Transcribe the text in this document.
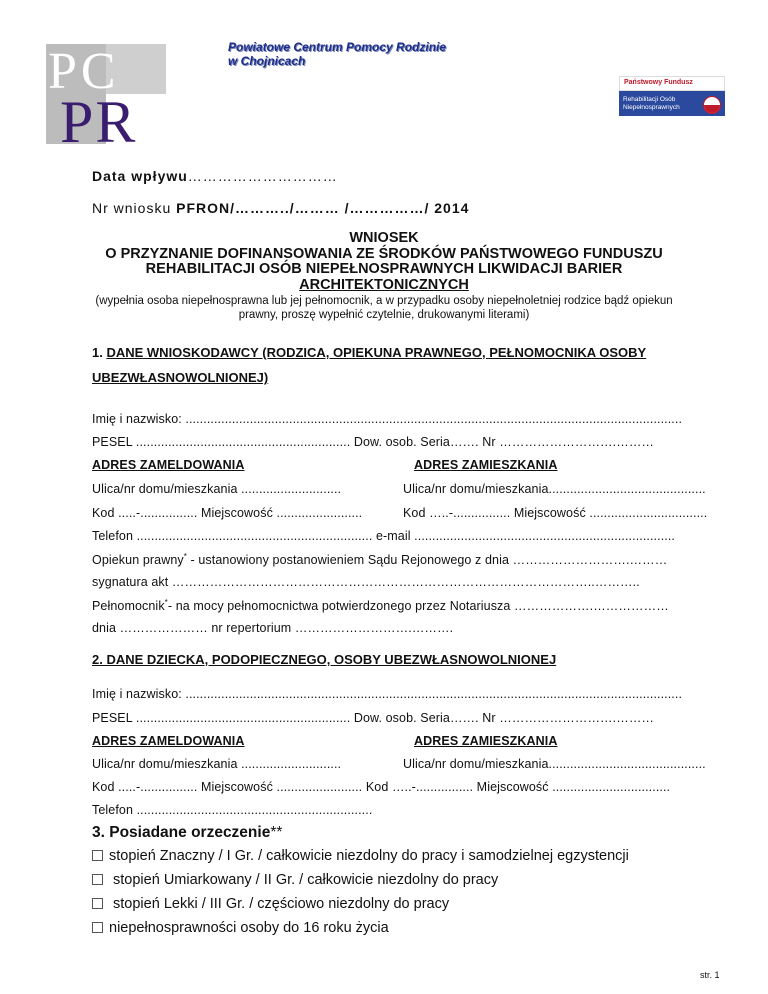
PC
PR
Powiatowe Centrum Pomocy Rodzinie
w Chojnicach
Państwowy Fundusz
Rehabilitacji Osób
Niepełnosprawnych
Data wpływu…………………………
Nr wniosku PFRON/………../……… /……………/ 2014
WNIOSEK
O PRZYZNANIE DOFINANSOWANIA ZE ŚRODKÓW PAŃSTWOWEGO FUNDUSZU
REHABILITACJI OSÓB NIEPEŁNOSPRAWNYCH LIKWIDACJI BARIER
ARCHITEKTONICZNYCH
(wypełnia osoba niepełnosprawna lub jej pełnomocnik, a w przypadku osoby niepełnoletniej rodzice bądź opiekun
prawny, proszę wypełnić czytelnie, drukowanymi literami)
1. DANE WNIOSKODAWCY (RODZICA, OPIEKUNA PRAWNEGO, PEŁNOMOCNIKA OSOBY
UBEZWŁASNOWOLNIONEJ)
Imię i nazwisko: ...........................................................................................................................................
PESEL ............................................................ Dow. osob. Seria……. Nr ……………………….………
ADRES ZAMELDOWANIA	ADRES ZAMIESZKANIA
Ulica/nr domu/mieszkania ............................	Ulica/nr domu/mieszkania............................................
Kod .....-................ Miejscowość ........................	Kod …..-................ Miejscowość .................................
Telefon .................................................................. e-mail .........................................................................
Opiekun prawny* - ustanowiony postanowieniem Sądu Rejonowego z dnia ……………………….………
sygnatura akt ………………………………………………………………………………………..………..
Pełnomocnik*- na mocy pełnomocnictwa potwierdzonego przez Notariusza ……………….………………
dnia ………………… nr repertorium ……………………….……….
2. DANE DZIECKA, PODOPIECZNEGO, OSOBY UBEZWŁASNOWOLNIONEJ
Imię i nazwisko: ...........................................................................................................................................
PESEL ............................................................ Dow. osob. Seria……. Nr ……………………….………
ADRES ZAMELDOWANIA	ADRES ZAMIESZKANIA
Ulica/nr domu/mieszkania ............................	Ulica/nr domu/mieszkania............................................
Kod .....-................ Miejscowość ........................ Kod …..-................ Miejscowość .................................
Telefon ..................................................................
3. Posiadane orzeczenie**
stopień Znaczny / I Gr. / całkowicie niezdolny do pracy i samodzielnej egzystencji
stopień Umiarkowany / II Gr. / całkowicie niezdolny do pracy
stopień Lekki / III Gr. / częściowo niezdolny do pracy
niepełnosprawności osoby do 16 roku życia
str. 1
